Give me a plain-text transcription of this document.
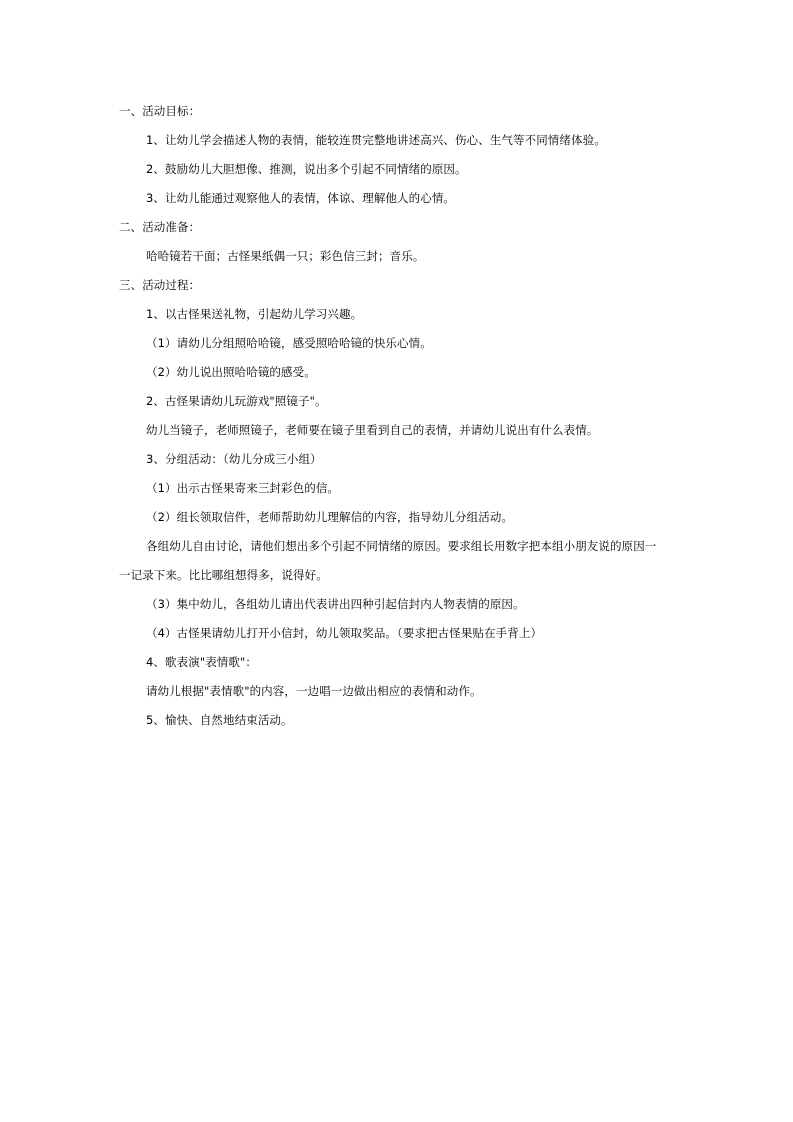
一、活动目标：
1、让幼儿学会描述人物的表情，能较连贯完整地讲述高兴、伤心、生气等不同情绪体验。
2、鼓励幼儿大胆想像、推测，说出多个引起不同情绪的原因。
3、让幼儿能通过观察他人的表情，体谅、理解他人的心情。
二、活动准备：
哈哈镜若干面；古怪果纸偶一只；彩色信三封；音乐。
三、活动过程：
1、以古怪果送礼物，引起幼儿学习兴趣。
（1）请幼儿分组照哈哈镜，感受照哈哈镜的快乐心情。
（2）幼儿说出照哈哈镜的感受。
2、古怪果请幼儿玩游戏"照镜子"。
幼儿当镜子，老师照镜子，老师要在镜子里看到自己的表情，并请幼儿说出有什么表情。
3、分组活动：（幼儿分成三小组）
（1）出示古怪果寄来三封彩色的信。
（2）组长领取信件，老师帮助幼儿理解信的内容，指导幼儿分组活动。
各组幼儿自由讨论，请他们想出多个引起不同情绪的原因。要求组长用数字把本组小朋友说的原因一
一记录下来。比比哪组想得多，说得好。
（3）集中幼儿，各组幼儿请出代表讲出四种引起信封内人物表情的原因。
（4）古怪果请幼儿打开小信封，幼儿领取奖品。（要求把古怪果贴在手背上）
4、歌表演"表情歌"：
请幼儿根据"表情歌"的内容，一边唱一边做出相应的表情和动作。
5、愉快、自然地结束活动。
